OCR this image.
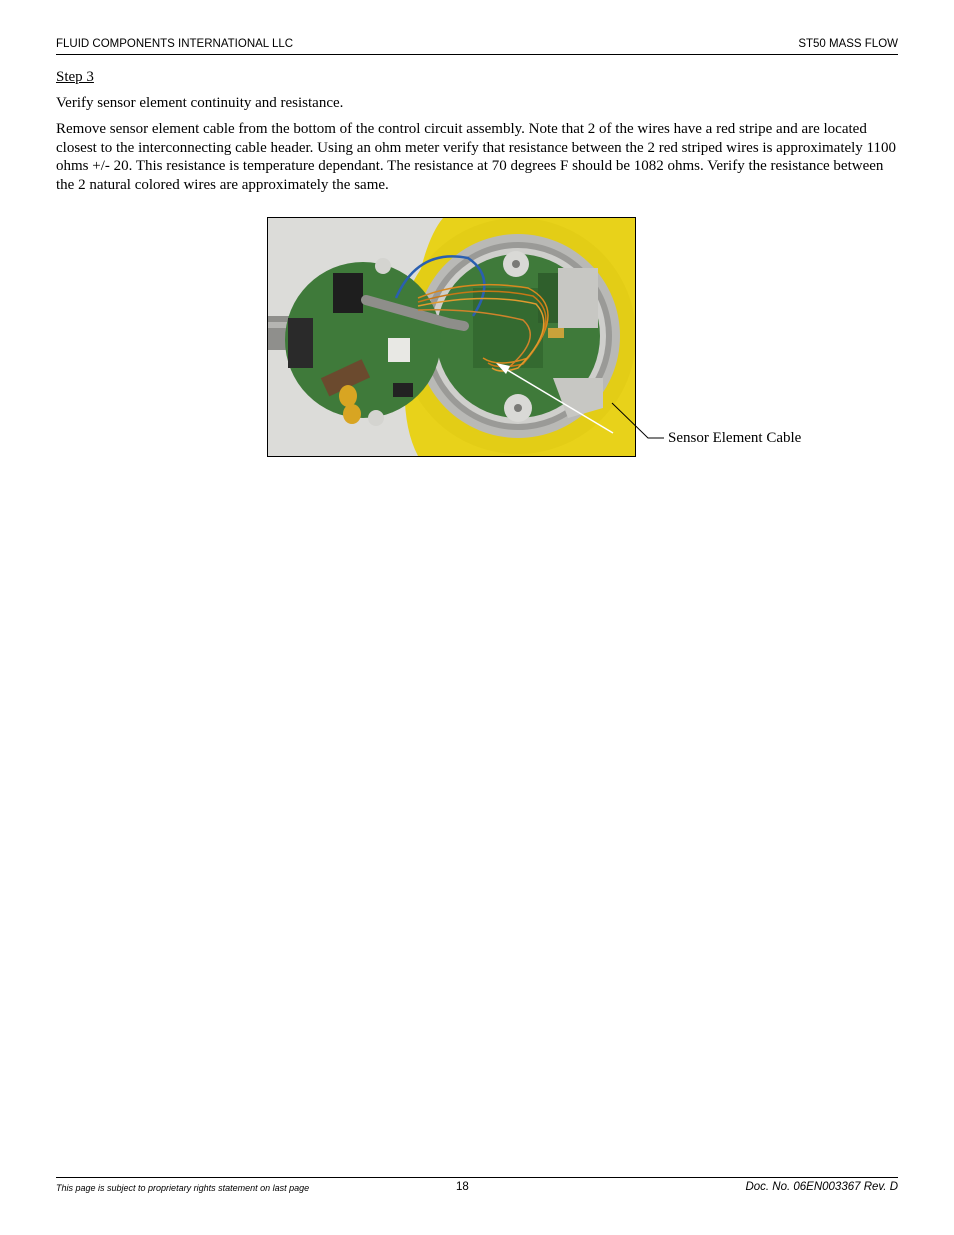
FLUID COMPONENTS INTERNATIONAL LLC	ST50 MASS FLOW
Step 3
Verify sensor element continuity and resistance.
Remove sensor element cable from the bottom of the control circuit assembly. Note that 2 of the wires have a red stripe and are located closest to the interconnecting cable header. Using an ohm meter verify that resistance between the 2 red striped wires is approximately 1100 ohms +/- 20. This resistance is temperature dependant. The resistance at 70 degrees F should be 1082 ohms. Verify the resistance between the 2 natural colored wires are approximately the same.
Sensor Element Cable
This page is subject to proprietary rights statement on last page	18	Doc. No. 06EN003367 Rev. D
